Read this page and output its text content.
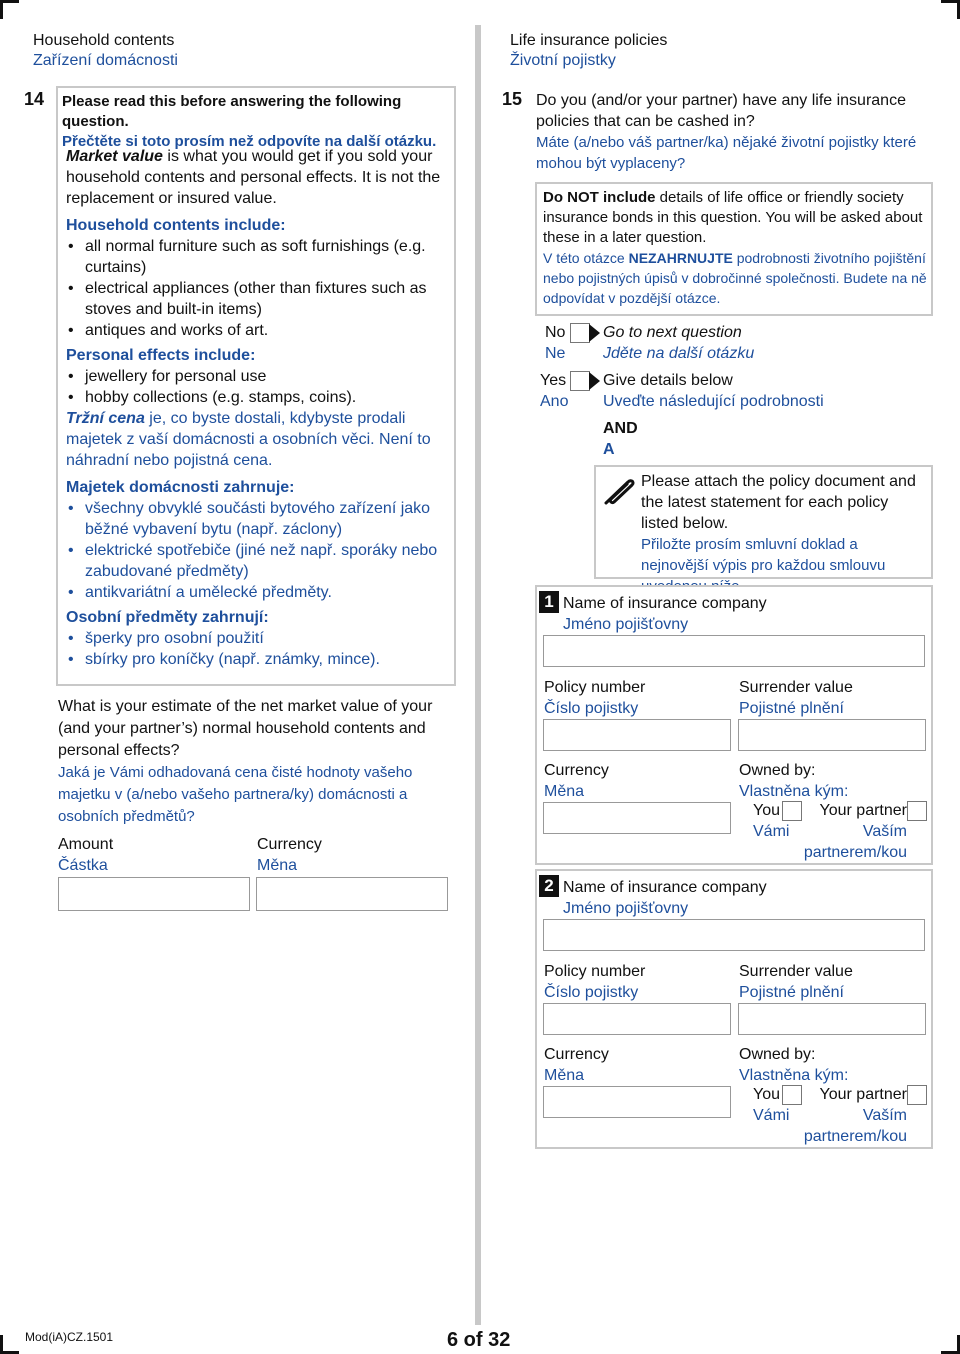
Household contents
Zařízení domácnosti
14 Please read this before answering the following question.
Přečtěte si toto prosím než odpovíte na další otázku.
Market value is what you would get if you sold your household contents and personal effects. It is not the replacement or insured value.
Household contents include:
• all normal furniture such as soft furnishings (e.g. curtains)
• electrical appliances (other than fixtures such as stoves and built-in items)
• antiques and works of art.
Personal effects include:
• jewellery for personal use
• hobby collections (e.g. stamps, coins).
Tržní cena je, co byste dostali, kdybyste prodali majetek z vaší domácnosti a osobních věci. Není to náhradní nebo pojistná cena.
Majetek domácnosti zahrnuje:
• všechny obvyklé součásti bytového zařízení jako běžné vybavení bytu (např. záclony)
• elektrické spotřebiče (jiné než např. sporáky nebo zabudované předměty)
• antikvariátní a umělecké předměty.
Osobní předměty zahrnují:
• šperky pro osobní použití
• sbírky pro koníčky (např. známky, mince).
What is your estimate of the net market value of your (and your partner’s) normal household contents and personal effects?
Jaká je Vámi odhadovaná cena čisté hodnoty vašeho majetku v (a/nebo vašeho partnera/ky) domácnosti a osobních předmětů?
Amount
Částka
Currency
Měna
Life insurance policies
Životní pojistky
15 Do you (and/or your partner) have any life insurance policies that can be cashed in?
Máte (a/nebo váš partner/ka) nějaké životní pojistky které mohou být vyplaceny?
Do NOT include details of life office or friendly society insurance bonds in this question. You will be asked about these in a later question.
V této otázce NEZAHRNUJTE podrobnosti životního pojištění nebo pojistných úpisů v dobročinné společnosti. Budete na ně odpovídat v pozdější otázce.
No
Ne
Go to next question
Jděte na další otázku
Yes
Ano
Give details below
Uveďte následující podrobnosti
AND
A
Please attach the policy document and the latest statement for each policy listed below.
Přiložte prosím smluvní doklad a nejnovější výpis pro každou smlouvu
1 Name of insurance company
Jméno pojišťovny
Policy number
Číslo pojistky
Surrender value
Pojistné plnění
Currency
Měna
Owned by:
Vlastněna kým:
You
Vámi
Your partner
Vaším
partnerem/kou
2 Name of insurance company
Jméno pojišťovny
Policy number
Číslo pojistky
Surrender value
Pojistné plnění
Currency
Měna
Owned by:
Vlastněna kým:
You
Vámi
Your partner
Vaším
partnerem/kou
Mod(iA)CZ.1501	6 of 32
